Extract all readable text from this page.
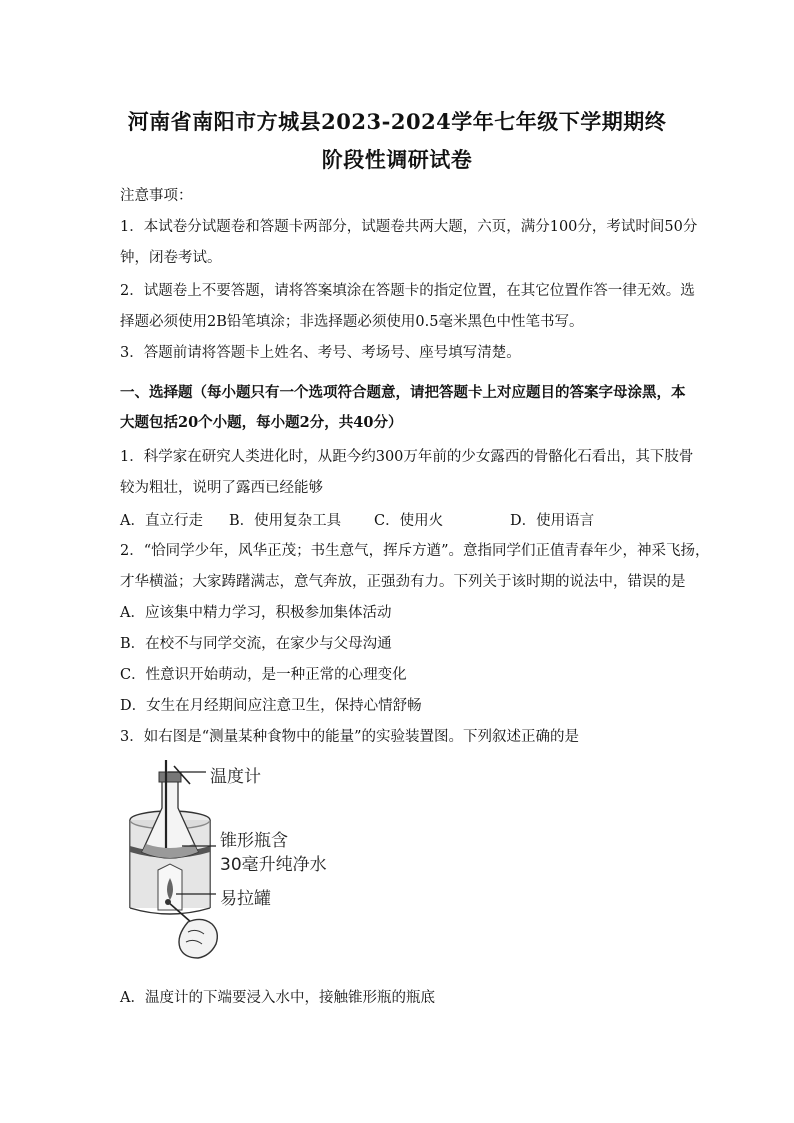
河南省南阳市方城县2023-2024学年七年级下学期期终
阶段性调研试卷
注意事项：
1．本试卷分试题卷和答题卡两部分，试题卷共两大题，六页，满分100分，考试时间50分
钟，闭卷考试。
2．试题卷上不要答题，请将答案填涂在答题卡的指定位置，在其它位置作答一律无效。选
择题必须使用2B铅笔填涂；非选择题必须使用0.5毫米黑色中性笔书写。
3．答题前请将答题卡上姓名、考号、考场号、座号填写清楚。
一、选择题（每小题只有一个选项符合题意，请把答题卡上对应题目的答案字母涂黑，本
大题包括20个小题，每小题2分，共40分）
1．科学家在研究人类进化时，从距今约300万年前的少女露西的骨骼化石看出，其下肢骨
较为粗壮，说明了露西已经能够
A．直立行走 B．使用复杂工具 C．使用火	D．使用语言
2．“恰同学少年，风华正茂；书生意气，挥斥方遒”。意指同学们正值青春年少，神采飞扬，
才华横溢；大家踌躇满志，意气奔放，正强劲有力。下列关于该时期的说法中，错误的是
A．应该集中精力学习，积极参加集体活动
B．在校不与同学交流，在家少与父母沟通
C．性意识开始萌动，是一种正常的心理变化
D．女生在月经期间应注意卫生，保持心情舒畅
3．如右图是“测量某种食物中的能量”的实验装置图。下列叙述正确的是
温度计
锥形瓶含
30毫升纯净水
易拉罐
A．温度计的下端要浸入水中，接触锥形瓶的瓶底
